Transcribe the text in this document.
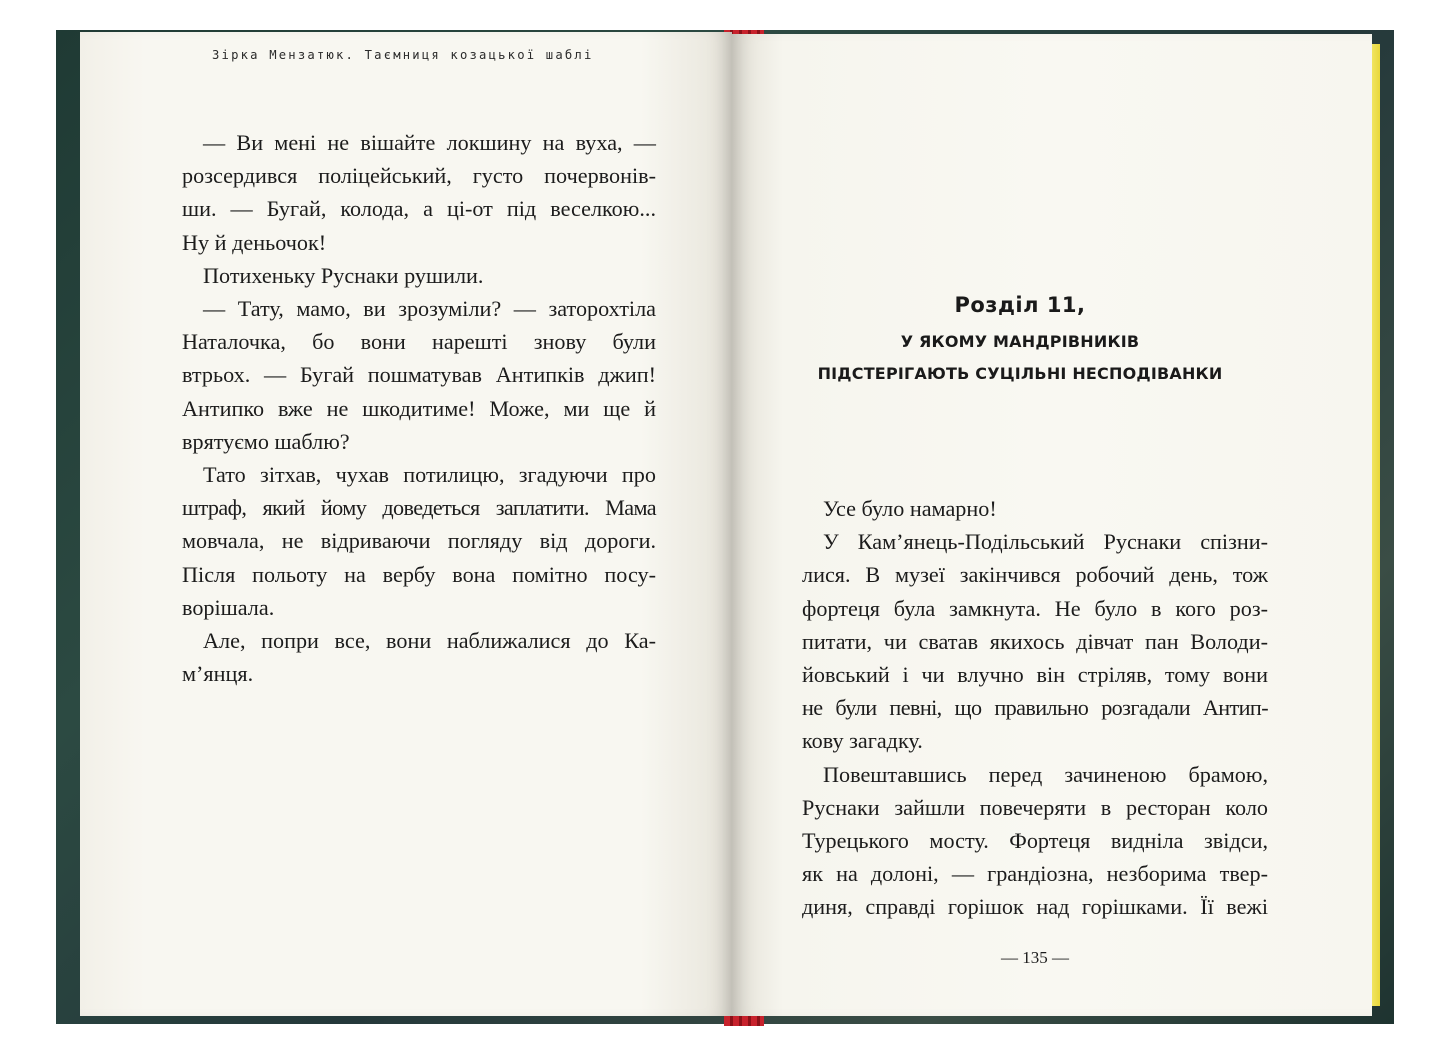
Зірка Мензатюк. Таємниця козацької шаблі
— Ви мені не вішайте локшину на вуха, —
розсердився поліцейський, густо почервонів-
ши. — Бугай, колода, а ці-от під веселкою...
Ну й деньочок!
Потихеньку Руснаки рушили.
— Тату, мамо, ви зрозуміли? — заторохтіла
Наталочка, бо вони нарешті знову були
втрьох. — Бугай пошматував Антипків джип!
Антипко вже не шкодитиме! Може, ми ще й
врятуємо шаблю?
Тато зітхав, чухав потилицю, згадуючи про
штраф, який йому доведеться заплатити. Мама
мовчала, не відриваючи погляду від дороги.
Після польоту на вербу вона помітно посу-
ворішала.
Але, попри все, вони наближалися до Ка-
м’янця.
Розділ 11,
У ЯКОМУ МАНДРІВНИКІВ
ПІДСТЕРІГАЮТЬ СУЦІЛЬНІ НЕСПОДІВАНКИ
Усе було намарно!
У Кам’янець-Подільський Руснаки спізни-
лися. В музеї закінчився робочий день, тож
фортеця була замкнута. Не було в кого роз-
питати, чи сватав якихось дівчат пан Володи-
йовський і чи влучно він стріляв, тому вони
не були певні, що правильно розгадали Антип-
кову загадку.
Повештавшись перед зачиненою брамою,
Руснаки зайшли повечеряти в ресторан коло
Турецького мосту. Фортеця виднiла звідси,
як на долоні, — грандіозна, незборима твер-
диня, справді горішок над горішками. Її вежі
— 135 —
